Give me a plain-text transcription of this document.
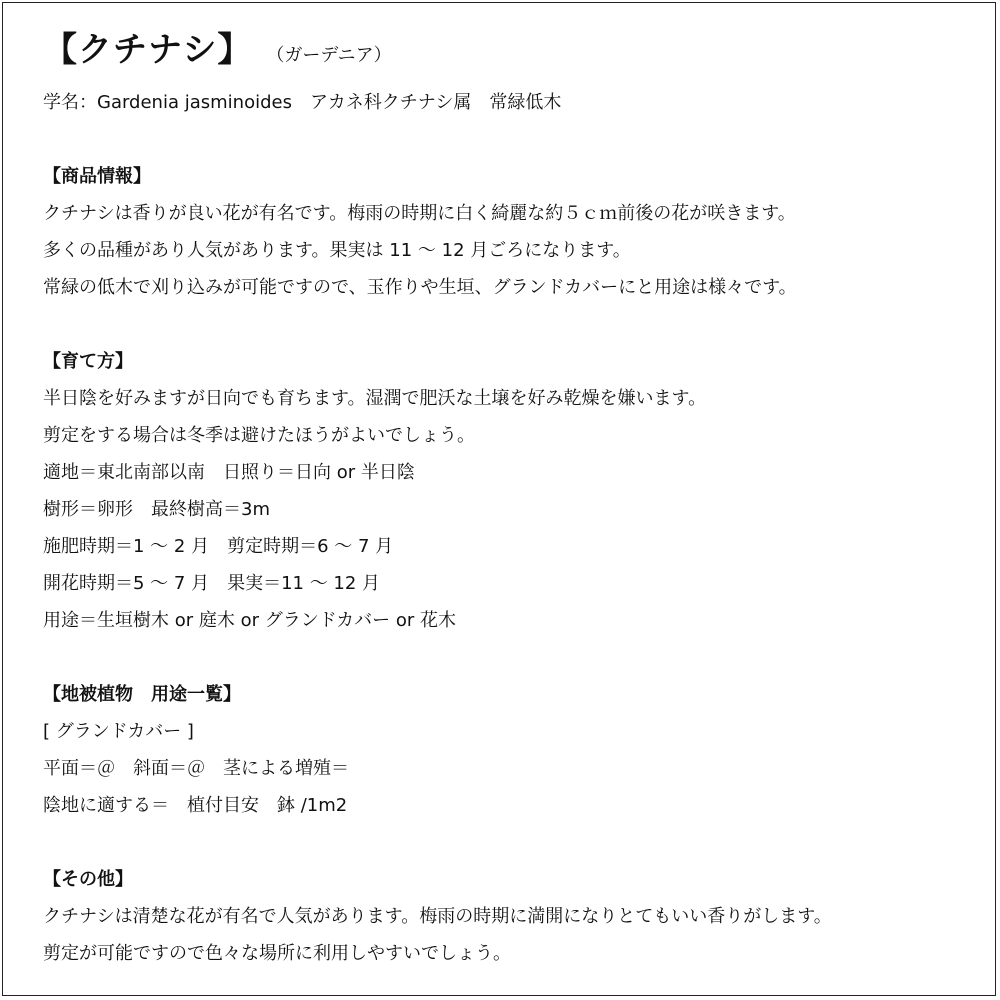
【クチナシ】 （ガーデニア）
学名：Gardenia jasminoides　アカネ科クチナシ属　常緑低木
【商品情報】
クチナシは香りが良い花が有名です。梅雨の時期に白く綺麗な約５ｃｍ前後の花が咲きます。
多くの品種があり人気があります。果実は 11 ～ 12 月ごろになります。
常緑の低木で刈り込みが可能ですので、玉作りや生垣、グランドカバーにと用途は様々です。
【育て方】
半日陰を好みますが日向でも育ちます。湿潤で肥沃な土壌を好み乾燥を嫌います。
剪定をする場合は冬季は避けたほうがよいでしょう。
適地＝東北南部以南　日照り＝日向 or 半日陰
樹形＝卵形　最終樹高＝3m
施肥時期＝1 ～ 2 月　剪定時期＝6 ～ 7 月
開花時期＝5 ～ 7 月　果実＝11 ～ 12 月
用途＝生垣樹木 or 庭木 or グランドカバー or 花木
【地被植物　用途一覧】
[ グランドカバー ]
平面＝＠　斜面＝＠　茎による増殖＝
陰地に適する＝　植付目安　鉢 /1m2
【その他】
クチナシは清楚な花が有名で人気があります。梅雨の時期に満開になりとてもいい香りがします。
剪定が可能ですので色々な場所に利用しやすいでしょう。
